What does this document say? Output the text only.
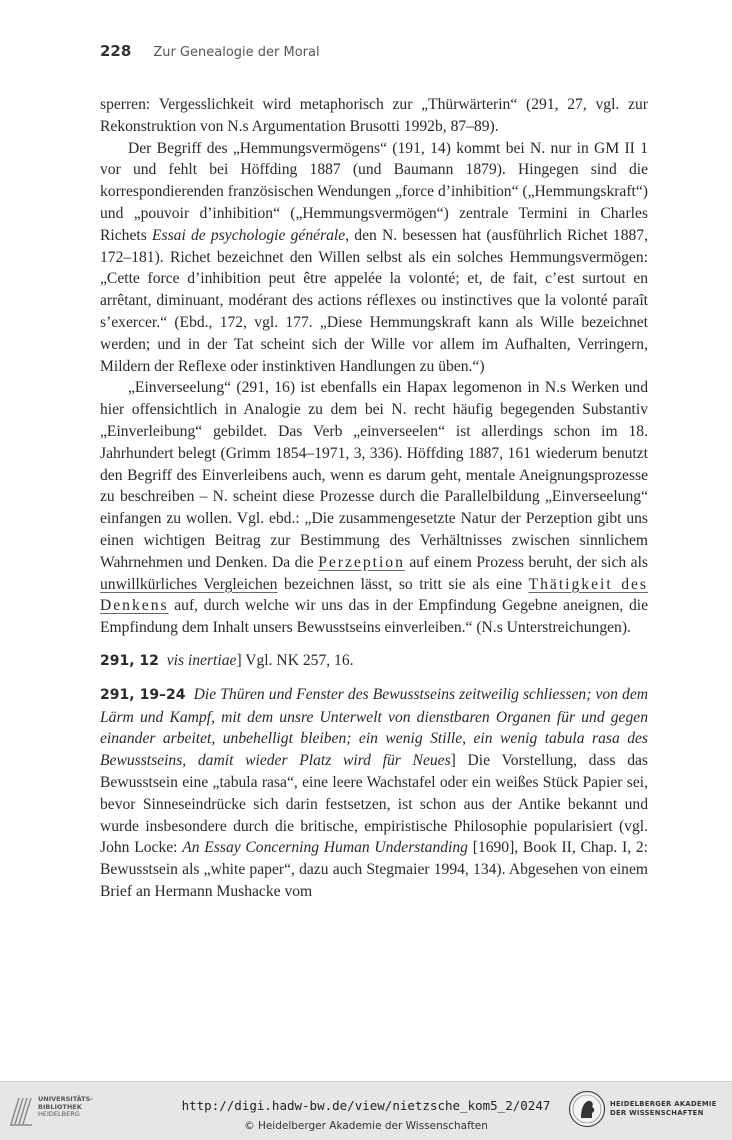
228 Zur Genealogie der Moral

sperren: Vergesslichkeit wird metaphorisch zur „Thürwärterin“ (291, 27, vgl. zur Rekonstruktion von N.s Argumentation Brusotti 1992b, 87–89).

Der Begriff des „Hemmungsvermögens“ (191, 14) kommt bei N. nur in GM II 1 vor und fehlt bei Höffding 1887 (und Baumann 1879). Hingegen sind die korrespondierenden französischen Wendungen „force d’inhibition“ („Hemmungskraft“) und „pouvoir d’inhibition“ („Hemmungsvermögen“) zentrale Termini in Charles Richets Essai de psychologie générale, den N. besessen hat (ausführlich Richet 1887, 172–181). Richet bezeichnet den Willen selbst als ein solches Hemmungsvermögen: „Cette force d’inhibition peut être appelée la volonté; et, de fait, c’est surtout en arrêtant, diminuant, modérant des actions réflexes ou instinctives que la volonté paraît s’exercer.“ (Ebd., 172, vgl. 177. „Diese Hemmungskraft kann als Wille bezeichnet werden; und in der Tat scheint sich der Wille vor allem im Aufhalten, Verringern, Mildern der Reflexe oder instinktiven Handlungen zu üben.“)

„Einverseelung“ (291, 16) ist ebenfalls ein Hapax legomenon in N.s Werken und hier offensichtlich in Analogie zu dem bei N. recht häufig begegenden Substantiv „Einverleibung“ gebildet. Das Verb „einverseelen“ ist allerdings schon im 18. Jahrhundert belegt (Grimm 1854–1971, 3, 336). Höffding 1887, 161 wiederum benutzt den Begriff des Einverleibens auch, wenn es darum geht, mentale Aneignungsprozesse zu beschreiben – N. scheint diese Prozesse durch die Parallelbildung „Einverseelung“ einfangen zu wollen. Vgl. ebd.: „Die zusammengesetzte Natur der Perzeption gibt uns einen wichtigen Beitrag zur Bestimmung des Verhältnisses zwischen sinnlichem Wahrnehmen und Denken. Da die Perzeption auf einem Prozess beruht, der sich als unwillkürliches Vergleichen bezeichnen lässt, so tritt sie als eine Thätigkeit des Denkens auf, durch welche wir uns das in der Empfindung Gegebne aneignen, die Empfindung dem Inhalt unsers Bewusstseins einverleiben.“ (N.s Unterstreichungen).

291, 12 vis inertiae] Vgl. NK 257, 16.

291, 19–24 Die Thüren und Fenster des Bewusstseins zeitweilig schliessen; von dem Lärm und Kampf, mit dem unsre Unterwelt von dienstbaren Organen für und gegen einander arbeitet, unbehelligt bleiben; ein wenig Stille, ein wenig tabula rasa des Bewusstseins, damit wieder Platz wird für Neues] Die Vorstellung, dass das Bewusstsein eine „tabula rasa“, eine leere Wachstafel oder ein weißes Stück Papier sei, bevor Sinneseindrücke sich darin festsetzen, ist schon aus der Antike bekannt und wurde insbesondere durch die britische, empiristische Philosophie popularisiert (vgl. John Locke: An Essay Concerning Human Understanding [1690], Book II, Chap. I, 2: Bewusstsein als „white paper“, dazu auch Stegmaier 1994, 134). Abgesehen von einem Brief an Hermann Mushacke vom

UNIVERSITÄTS-
BIBLIOTHEK
HEIDELBERG
http://digi.hadw-bw.de/view/nietzsche_kom5_2/0247
© Heidelberger Akademie der Wissenschaften
HEIDELBERGER AKADEMIE
DER WISSENSCHAFTEN
